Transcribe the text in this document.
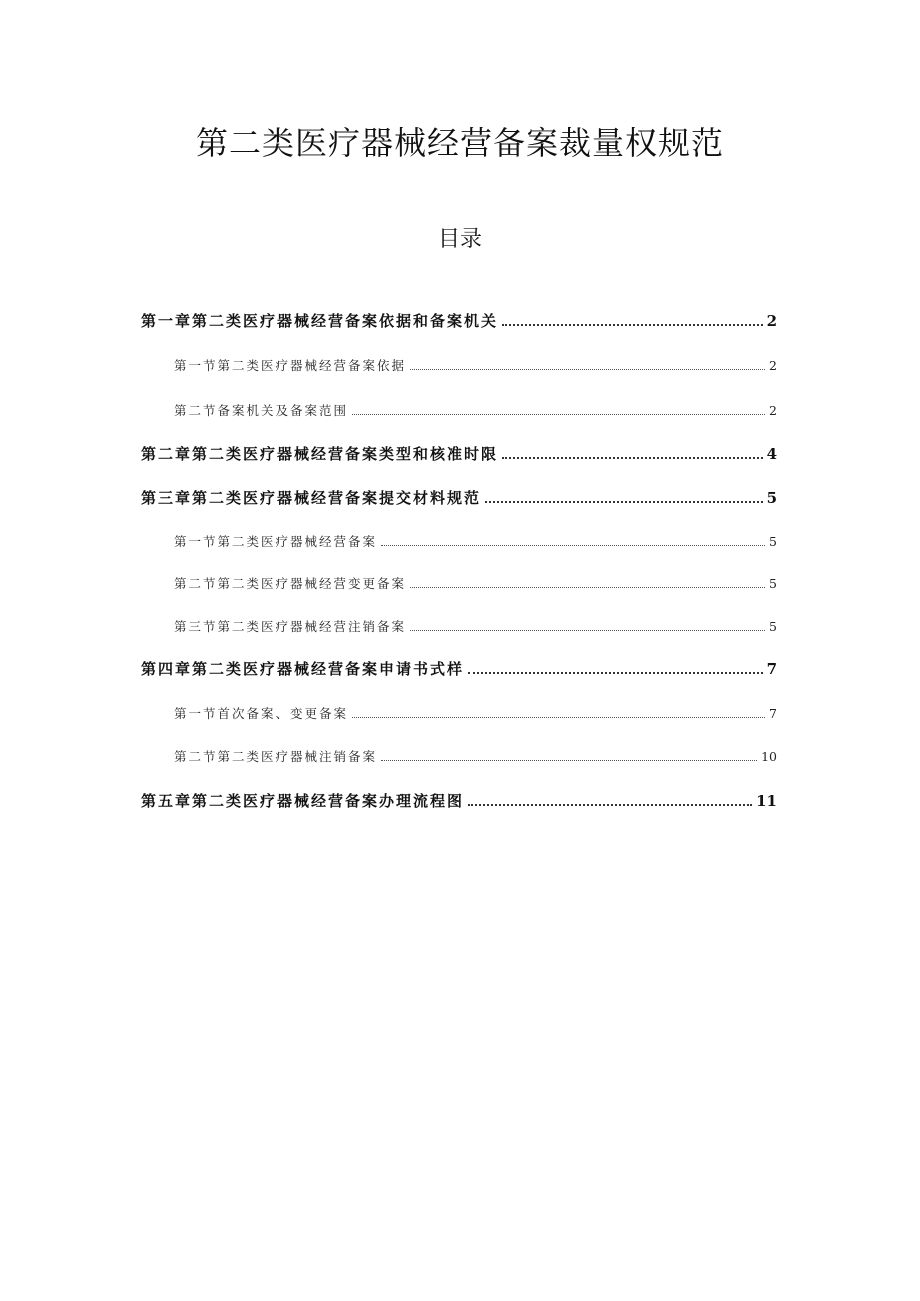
第二类医疗器械经营备案裁量权规范
目录
第一章第二类医疗器械经营备案依据和备案机关	2
第一节第二类医疗器械经营备案依据	2
第二节备案机关及备案范围	2
第二章第二类医疗器械经营备案类型和核准时限	4
第三章第二类医疗器械经营备案提交材料规范	5
第一节第二类医疗器械经营备案	5
第二节第二类医疗器械经营变更备案	5
第三节第二类医疗器械经营注销备案	5
第四章第二类医疗器械经营备案申请书式样	7
第一节首次备案、变更备案	7
第二节第二类医疗器械注销备案	10
第五章第二类医疗器械经营备案办理流程图	11
